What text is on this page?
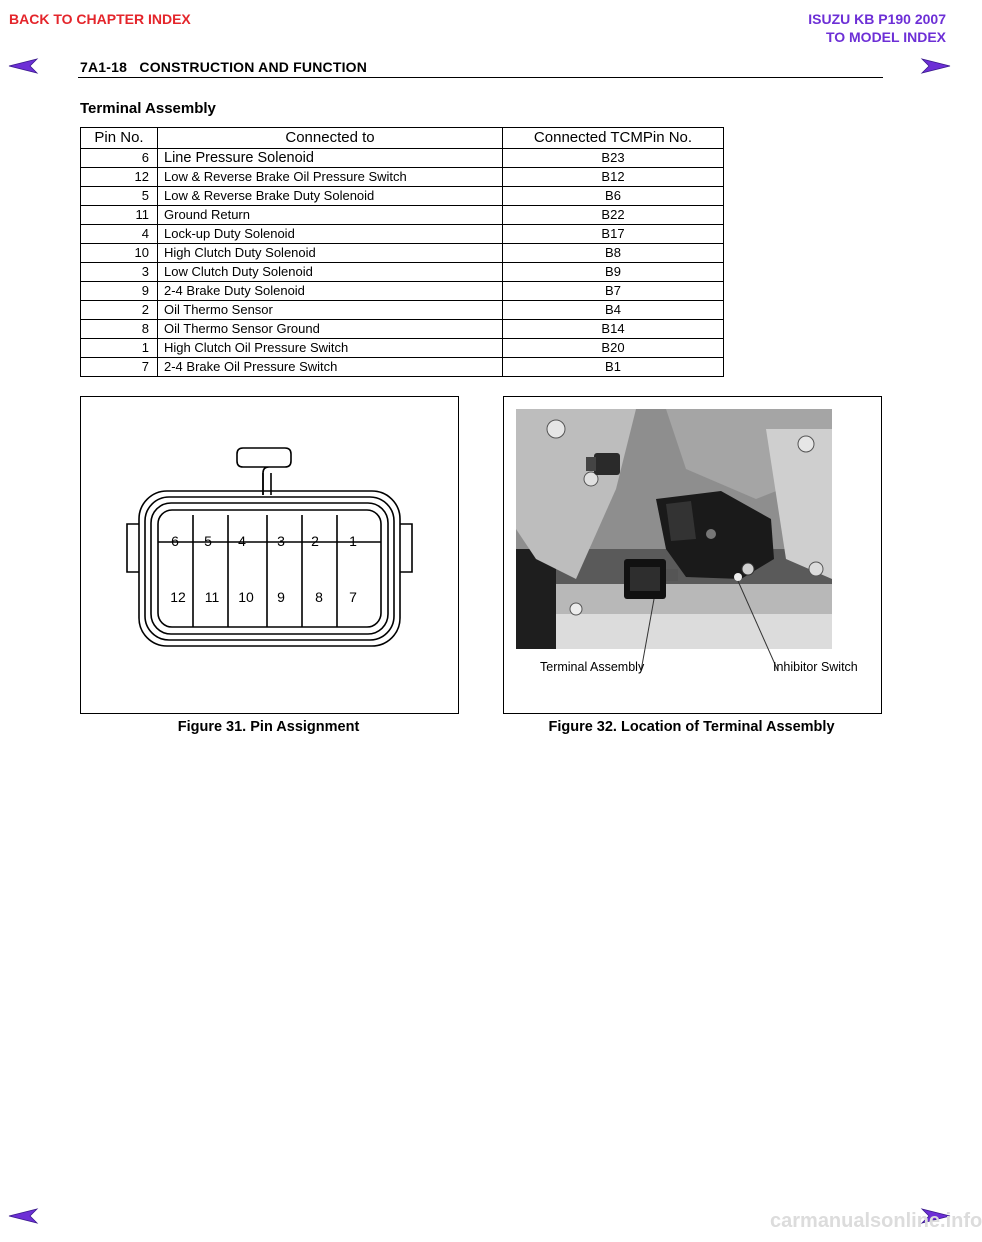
BACK TO CHAPTER INDEX	ISUZU KB P190 2007
TO MODEL INDEX
7A1-18   CONSTRUCTION AND FUNCTION
Terminal Assembly
Pin No.	Connected to	Connected TCMPin No.
6	Line Pressure Solenoid	B23
12	Low & Reverse Brake Oil Pressure Switch	B12
5	Low & Reverse Brake Duty Solenoid	B6
11	Ground Return	B22
4	Lock-up Duty Solenoid	B17
10	High Clutch Duty Solenoid	B8
3	Low Clutch Duty Solenoid	B9
9	2-4 Brake Duty Solenoid	B7
2	Oil Thermo Sensor	B4
8	Oil Thermo Sensor Ground	B14
1	High Clutch Oil Pressure Switch	B20
7	2-4 Brake Oil Pressure Switch	B1
6 5 4 3 2 1
12 11 10 9 8 7
Figure 31. Pin Assignment
Terminal Assembly	Inhibitor Switch
Figure 32. Location of Terminal Assembly
carmanualsonline.info
